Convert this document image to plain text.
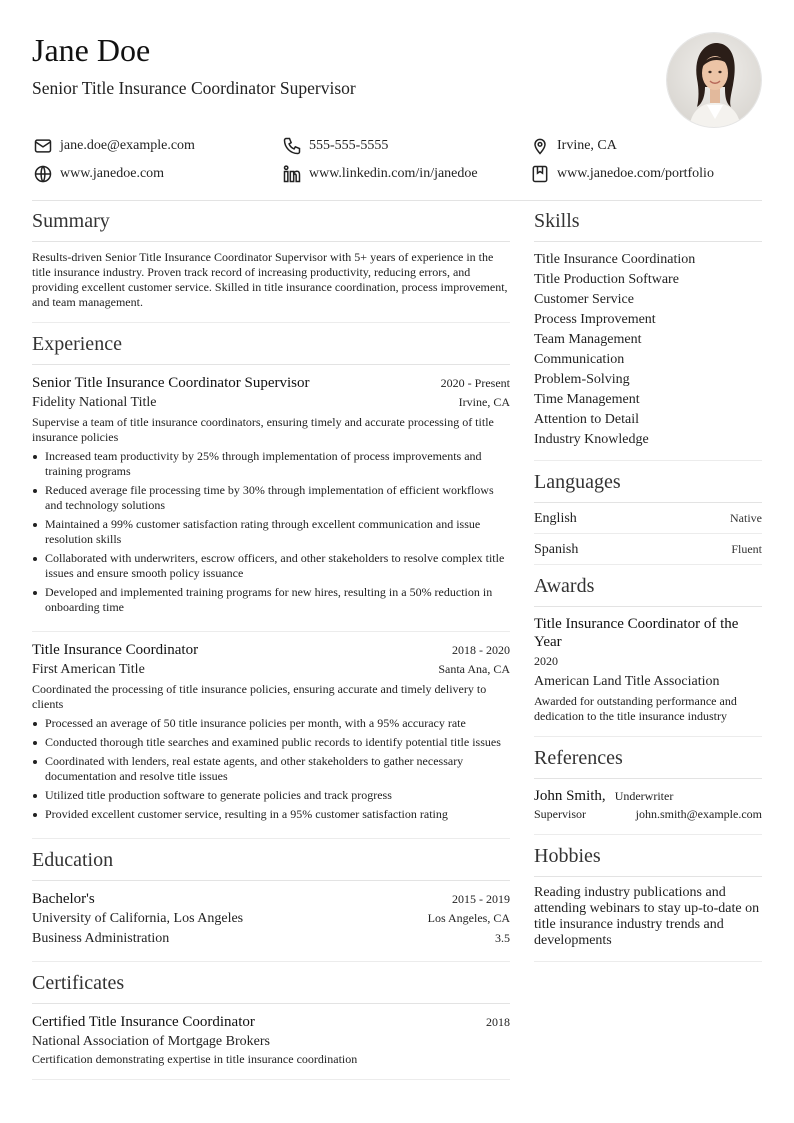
Jane Doe
Senior Title Insurance Coordinator Supervisor
jane.doe@example.com	555-555-5555	Irvine, CA
www.janedoe.com	www.linkedin.com/in/janedoe	www.janedoe.com/portfolio
Summary
Results-driven Senior Title Insurance Coordinator Supervisor with 5+ years of experience in the title insurance industry. Proven track record of increasing productivity, reducing errors, and providing excellent customer service. Skilled in title insurance coordination, process improvement, and team management.
Experience
Senior Title Insurance Coordinator Supervisor	2020 - Present
Fidelity National Title	Irvine, CA
Supervise a team of title insurance coordinators, ensuring timely and accurate processing of title insurance policies
Increased team productivity by 25% through implementation of process improvements and training programs
Reduced average file processing time by 30% through implementation of efficient workflows and technology solutions
Maintained a 99% customer satisfaction rating through excellent communication and issue resolution skills
Collaborated with underwriters, escrow officers, and other stakeholders to resolve complex title issues and ensure smooth policy issuance
Developed and implemented training programs for new hires, resulting in a 50% reduction in onboarding time
Title Insurance Coordinator	2018 - 2020
First American Title	Santa Ana, CA
Coordinated the processing of title insurance policies, ensuring accurate and timely delivery to clients
Processed an average of 50 title insurance policies per month, with a 95% accuracy rate
Conducted thorough title searches and examined public records to identify potential title issues
Coordinated with lenders, real estate agents, and other stakeholders to gather necessary documentation and resolve title issues
Utilized title production software to generate policies and track progress
Provided excellent customer service, resulting in a 95% customer satisfaction rating
Education
Bachelor's	2015 - 2019
University of California, Los Angeles	Los Angeles, CA
Business Administration	3.5
Certificates
Certified Title Insurance Coordinator	2018
National Association of Mortgage Brokers
Certification demonstrating expertise in title insurance coordination
Skills
Title Insurance Coordination
Title Production Software
Customer Service
Process Improvement
Team Management
Communication
Problem-Solving
Time Management
Attention to Detail
Industry Knowledge
Languages
English	Native
Spanish	Fluent
Awards
Title Insurance Coordinator of the Year
2020
American Land Title Association
Awarded for outstanding performance and dedication to the title insurance industry
References
John Smith, Underwriter
Supervisor	john.smith@example.com
Hobbies
Reading industry publications and attending webinars to stay up-to-date on title insurance industry trends and developments
